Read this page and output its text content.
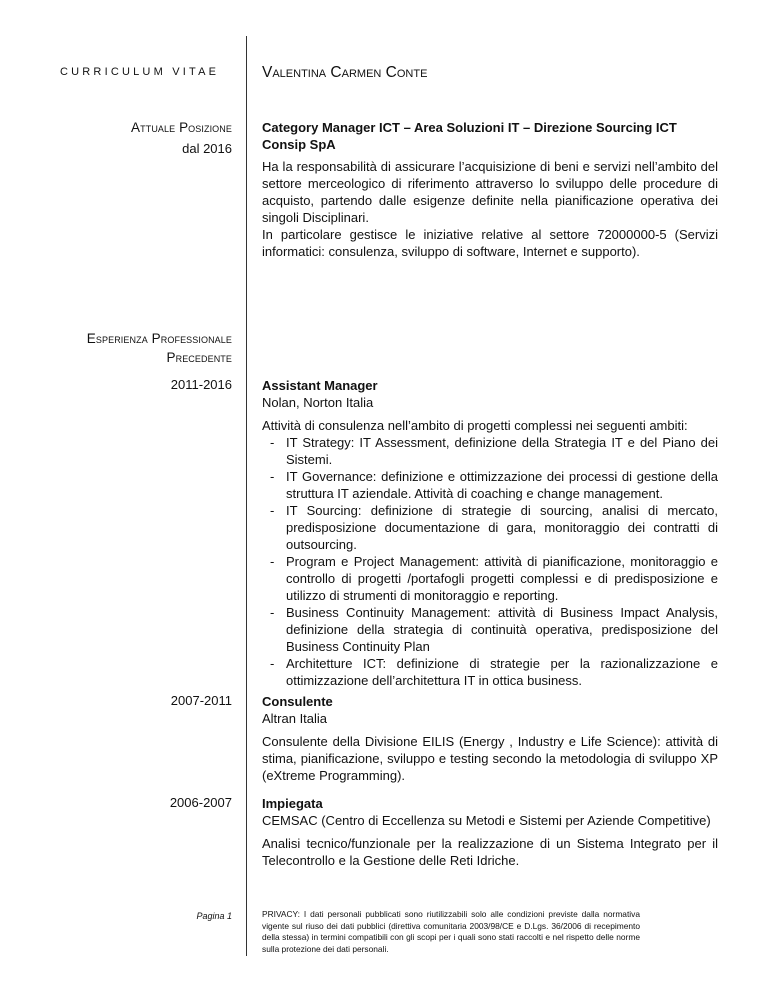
CURRICULUM VITAE	Valentina Carmen Conte
Attuale Posizione
dal 2016
Category Manager ICT – Area Soluzioni IT – Direzione Sourcing ICT
Consip SpA
Ha la responsabilità di assicurare l’acquisizione di beni e servizi nell’ambito del settore merceologico di riferimento attraverso lo sviluppo delle procedure di acquisto, partendo dalle esigenze definite nella pianificazione operativa dei singoli Disciplinari.
In particolare gestisce le iniziative relative al settore 72000000-5 (Servizi informatici: consulenza, sviluppo di software, Internet e supporto).
Esperienza Professionale
Precedente
2011-2016 Assistant Manager
Nolan, Norton Italia
Attività di consulenza nell’ambito di progetti complessi nei seguenti ambiti:
- IT Strategy: IT Assessment, definizione della Strategia IT e del Piano dei Sistemi.
- IT Governance: definizione e ottimizzazione dei processi di gestione della struttura IT aziendale. Attività di coaching e change management.
- IT Sourcing: definizione di strategie di sourcing, analisi di mercato, predisposizione documentazione di gara, monitoraggio dei contratti di outsourcing.
- Program e Project Management: attività di pianificazione, monitoraggio e controllo di progetti /portafogli progetti complessi e di predisposizione e utilizzo di strumenti di monitoraggio e reporting.
- Business Continuity Management: attività di Business Impact Analysis, definizione della strategia di continuità operativa, predisposizione del Business Continuity Plan
- Architetture ICT: definizione di strategie per la razionalizzazione e ottimizzazione dell’architettura IT in ottica business.
2007-2011 Consulente
Altran Italia
Consulente della Divisione EILIS (Energy , Industry e Life Science): attività di stima, pianificazione, sviluppo e testing secondo la metodologia di sviluppo XP (eXtreme Programming).
2006-2007 Impiegata
CEMSAC (Centro di Eccellenza su Metodi e Sistemi per Aziende Competitive)
Analisi tecnico/funzionale per la realizzazione di un Sistema Integrato per il Telecontrollo e la Gestione delle Reti Idriche.
Pagina 1	PRIVACY: I dati personali pubblicati sono riutilizzabili solo alle condizioni previste dalla normativa vigente sul riuso dei dati pubblici (direttiva comunitaria 2003/98/CE e D.Lgs. 36/2006 di recepimento della stessa) in termini compatibili con gli scopi per i quali sono stati raccolti e nel rispetto delle norme sulla protezione dei dati personali.
